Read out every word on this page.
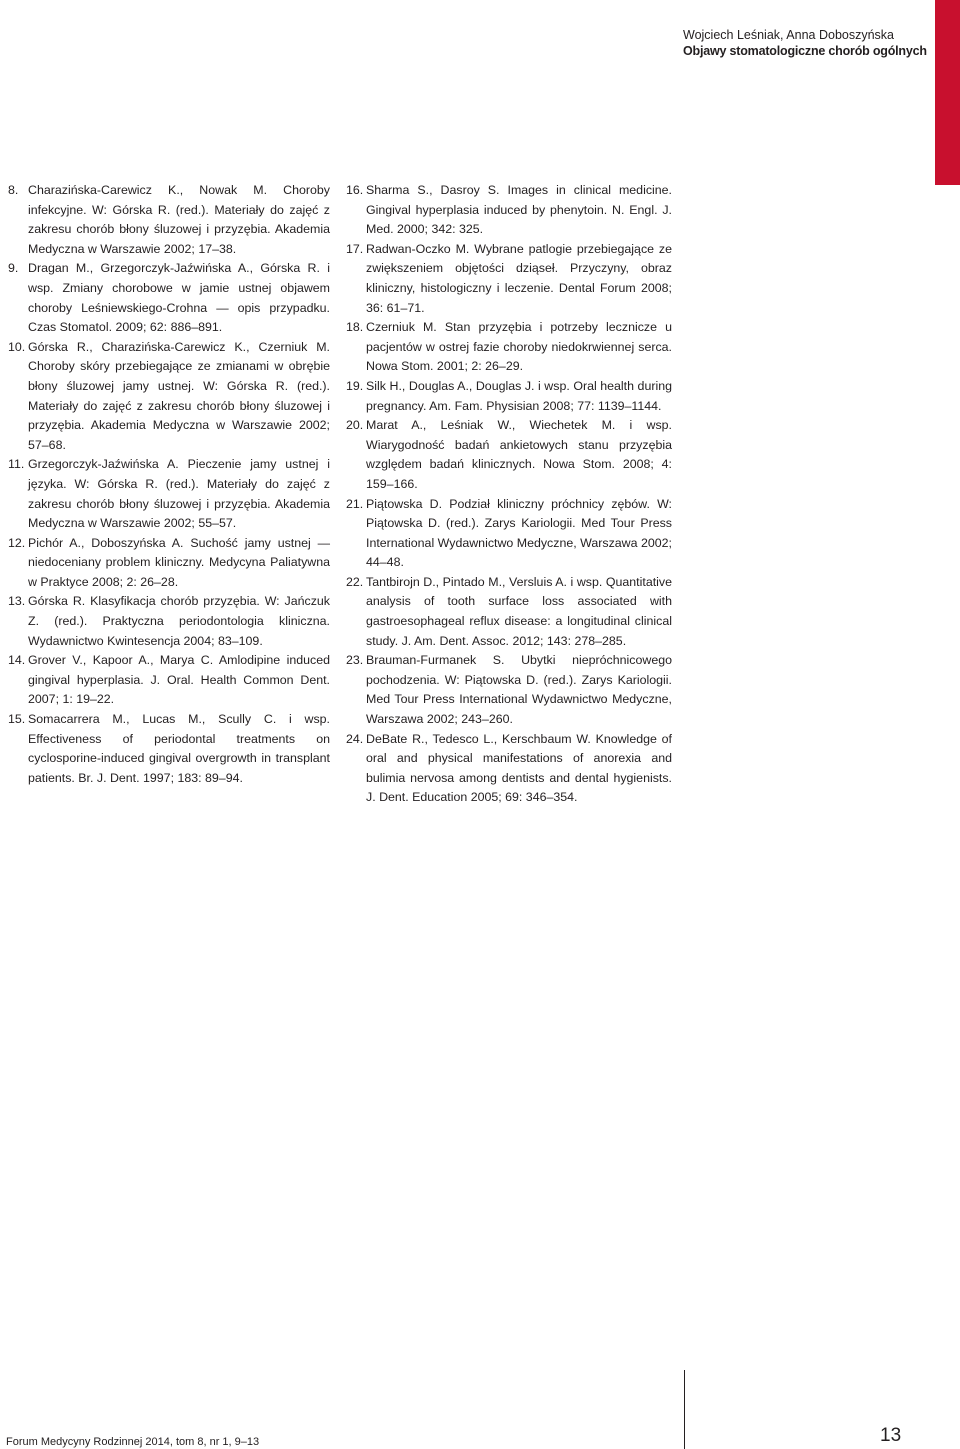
Wojciech Leśniak, Anna Doboszyńska
Objawy stomatologiczne chorób ogólnych

8. Charazińska-Carewicz K., Nowak M. Choroby infekcyjne. W: Górska R. (red.). Materiały do zajęć z zakresu chorób błony śluzowej i przyzębia. Akademia Medyczna w Warszawie 2002; 17–38.

9. Dragan M., Grzegorczyk-Jaźwińska A., Górska R. i wsp. Zmiany chorobowe w jamie ustnej objawem choroby Leśniewskiego-Crohna — opis przypadku. Czas Stomatol. 2009; 62: 886–891.

10. Górska R., Charazińska-Carewicz K., Czerniuk M. Choroby skóry przebiegające ze zmianami w obrębie błony śluzowej jamy ustnej. W: Górska R. (red.). Materiały do zajęć z zakresu chorób błony śluzowej i przyzębia. Akademia Medyczna w Warszawie 2002; 57–68.

11. Grzegorczyk-Jaźwińska A. Pieczenie jamy ustnej i języka. W: Górska R. (red.). Materiały do zajęć z zakresu chorób błony śluzowej i przyzębia. Akademia Medyczna w Warszawie 2002; 55–57.

12. Pichór A., Doboszyńska A. Suchość jamy ustnej — niedoceniany problem kliniczny. Medycyna Paliatywna w Praktyce 2008; 2: 26–28.

13. Górska R. Klasyfikacja chorób przyzębia. W: Jańczuk Z. (red.). Praktyczna periodontologia kliniczna. Wydawnictwo Kwintesencja 2004; 83–109.

14. Grover V., Kapoor A., Marya C. Amlodipine induced gingival hyperplasia. J. Oral. Health Common Dent. 2007; 1: 19–22.

15. Somacarrera M., Lucas M., Scully C. i wsp. Effectiveness of periodontal treatments on cyclosporine-induced gingival overgrowth in transplant patients. Br. J. Dent. 1997; 183: 89–94.

16. Sharma S., Dasroy S. Images in clinical medicine. Gingival hyperplasia induced by phenytoin. N. Engl. J. Med. 2000; 342: 325.

17. Radwan-Oczko M. Wybrane patlogie przebiegające ze zwiększeniem objętości dziąseł. Przyczyny, obraz kliniczny, histologiczny i leczenie. Dental Forum 2008; 36: 61–71.

18. Czerniuk M. Stan przyzębia i potrzeby lecznicze u pacjentów w ostrej fazie choroby niedokrwiennej serca. Nowa Stom. 2001; 2: 26–29.

19. Silk H., Douglas A., Douglas J. i wsp. Oral health during pregnancy. Am. Fam. Physisian 2008; 77: 1139–1144.

20. Marat A., Leśniak W., Wiechetek M. i wsp. Wiarygodność badań ankietowych stanu przyzębia względem badań klinicznych. Nowa Stom. 2008; 4: 159–166.

21. Piątowska D. Podział kliniczny próchnicy zębów. W: Piątowska D. (red.). Zarys Kariologii. Med Tour Press International Wydawnictwo Medyczne, Warszawa 2002; 44–48.

22. Tantbirojn D., Pintado M., Versluis A. i wsp. Quantitative analysis of tooth surface loss associated with gastroesophageal reflux disease: a longitudinal clinical study. J. Am. Dent. Assoc. 2012; 143: 278–285.

23. Brauman-Furmanek S. Ubytki niepróchnicowego pochodzenia. W: Piątowska D. (red.). Zarys Kariologii. Med Tour Press International Wydawnictwo Medyczne, Warszawa 2002; 243–260.

24. DeBate R., Tedesco L., Kerschbaum W. Knowledge of oral and physical manifestations of anorexia and bulimia nervosa among dentists and dental hygienists. J. Dent. Education 2005; 69: 346–354.

Forum Medycyny Rodzinnej 2014, tom 8, nr 1, 9–13	13
